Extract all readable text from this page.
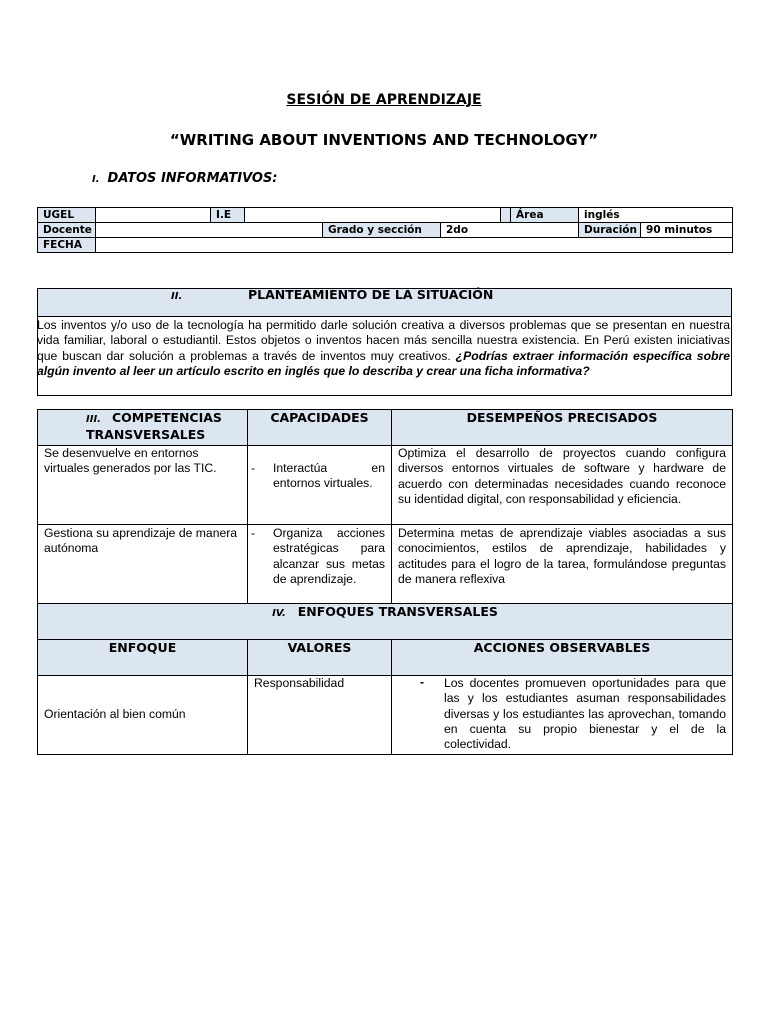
SESIÓN DE APRENDIZAJE
“WRITING ABOUT INVENTIONS AND TECHNOLOGY”
I. DATOS INFORMATIVOS:
UGEL		I.E					Área	inglés
Docente				Grado y sección	2do			Duración 90 minutos
FECHA								
II.	PLANTEAMIENTO DE LA SITUACIÓN
Los inventos y/o uso de la tecnología ha permitido darle solución creativa a diversos problemas que se presentan en nuestra vida familiar, laboral o estudiantil. Estos objetos o inventos hacen más sencilla nuestra existencia. En Perú existen iniciativas que buscan dar solución a problemas a través de inventos muy creativos. ¿Podrías extraer información específica sobre algún invento al leer un artículo escrito en inglés que lo describa y crear una ficha informativa?
III. COMPETENCIAS TRANSVERSALES	CAPACIDADES	DESEMPEÑOS PRECISADOS
Se desenvuelve en entornos virtuales generados por las TIC.	- Interactúa en entornos virtuales.	Optimiza el desarrollo de proyectos cuando configura diversos entornos virtuales de software y hardware de acuerdo con determinadas necesidades cuando reconoce su identidad digital, con responsabilidad y eficiencia.
Gestiona su aprendizaje de manera autónoma	- Organiza acciones estratégicas para alcanzar sus metas de aprendizaje.	Determina metas de aprendizaje viables asociadas a sus conocimientos, estilos de aprendizaje, habilidades y actitudes para el logro de la tarea, formulándose preguntas de manera reflexiva
IV. ENFOQUES TRANSVERSALES		
ENFOQUE	VALORES	ACCIONES OBSERVABLES
Orientación al bien común	Responsabilidad	- Los docentes promueven oportunidades para que las y los estudiantes asuman responsabilidades diversas y los estudiantes las aprovechan, tomando en cuenta su propio bienestar y el de la colectividad.
